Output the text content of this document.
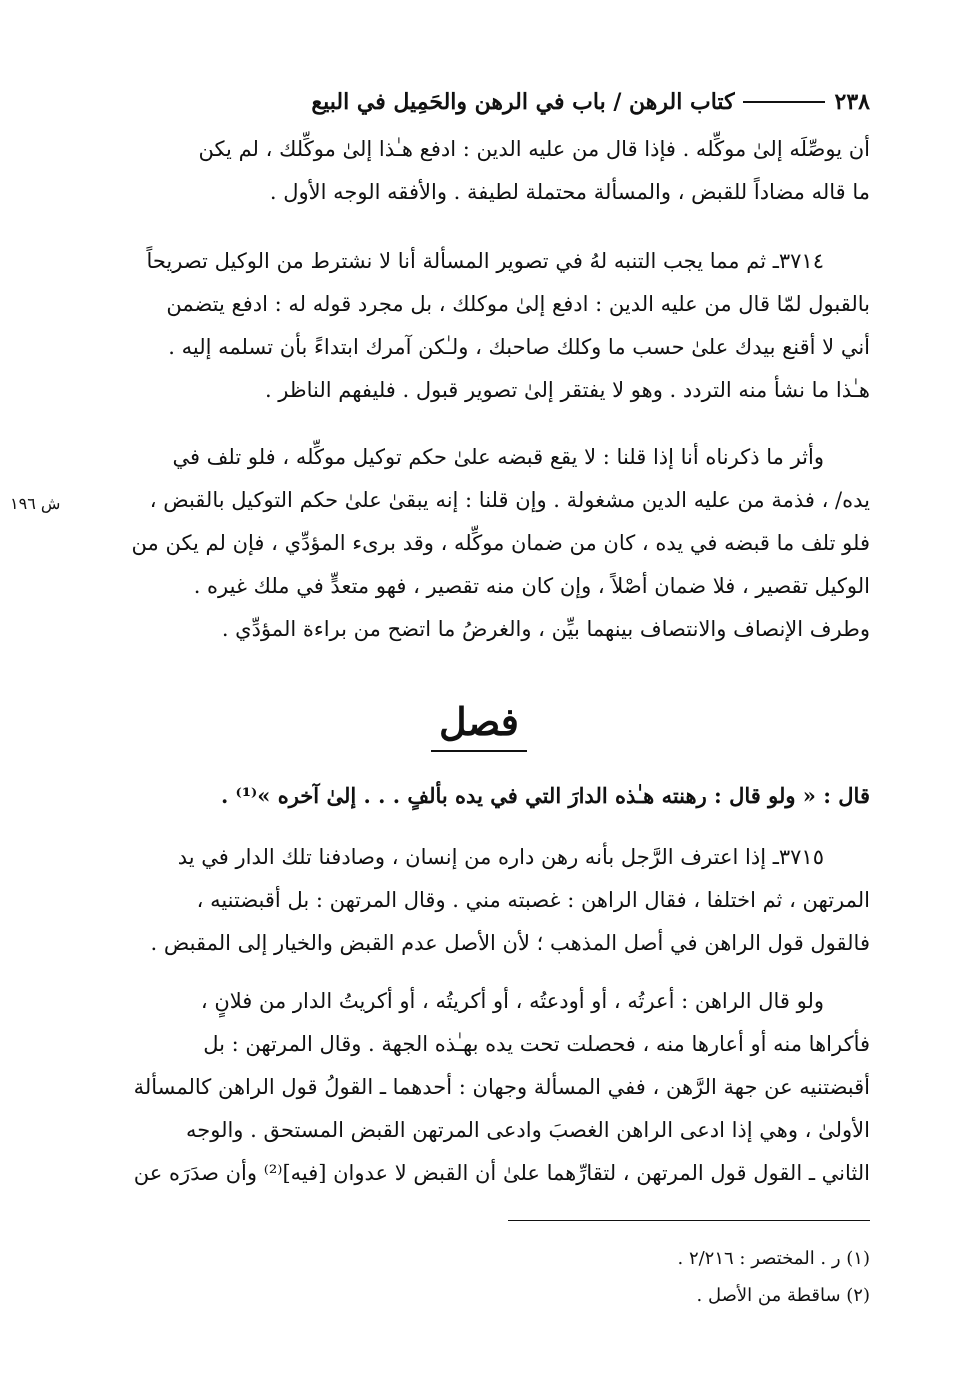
٢٣٨
كتاب الرهن / باب في الرهن والحَمِيل في البيع

أن يوصِّلَه إلىٰ موكِّله . فإذا قال من عليه الدين : ادفع هـٰذا إلىٰ موكِّلك ، لم يكن

ما قاله مضاداً للقبض ، والمسألة محتملة لطيفة . والأفقه الوجه الأول .

٣٧١٤ـ ثم مما يجب التنبه لهُ في تصوير المسألة أنا لا نشترط من الوكيل تصريحاً

بالقبول لمّا قال من عليه الدين : ادفع إلىٰ موكلك ، بل مجرد قوله له : ادفع يتضمن

أني لا أقنع بيدك علىٰ حسب ما وكلك صاحبك ، ولـٰكن آمرك ابتداءً بأن تسلمه إليه .

هـٰذا ما نشأ منه التردد . وهو لا يفتقر إلىٰ تصوير قبول . فليفهم الناظر .

وأثر ما ذكرناه أنا إذا قلنا : لا يقع قبضه علىٰ حكم توكيل موكِّله ، فلو تلف في

يده/ ، فذمة من عليه الدين مشغولة . وإن قلنا : إنه يبقىٰ علىٰ حكم التوكيل بالقبض ،

فلو تلف ما قبضه في يده ، كان من ضمان موكِّله ، وقد برىء المؤدِّي ، فإن لم يكن من

الوكيل تقصير ، فلا ضمان أصْلاً ، وإن كان منه تقصير ، فهو متعدٍّ في ملك غيره .

وطرف الإنصاف والانتصاف بينهما بيِّن ، والغرضُ ما اتضح من براءة المؤدِّي .

ش ١٩٦
فصل

قال : « ولو قال : رهنته هـٰذه الدارَ التي في يده بألفٍ . . . إلىٰ آخره »⁽¹⁾ .

٣٧١٥ـ إذا اعترف الرَّجل بأنه رهن داره من إنسان ، وصادفنا تلك الدار في يد

المرتهن ، ثم اختلفا ، فقال الراهن : غصبته مني . وقال المرتهن : بل أقبضتنيه ،

فالقول قول الراهن في أصل المذهب ؛ لأن الأصل عدم القبض والخيار إلى المقبض .

ولو قال الراهن : أعرتُه ، أو أودعتُه ، أو أكريتُه ، أو أكريتُ الدار من فلانٍ ،

فأكراها منه أو أعارها منه ، فحصلت تحت يده بهـٰذه الجهة . وقال المرتهن : بل

أقبضتنيه عن جهة الرَّهن ، ففي المسألة وجهان : أحدهما ـ القولُ قول الراهن كالمسألة

الأولىٰ ، وهي إذا ادعى الراهن الغصبَ وادعى المرتهن القبض المستحق . والوجه

الثاني ـ القول قول المرتهن ، لتقارِّهما علىٰ أن القبض لا عدوان [فيه]⁽²⁾ وأن صدَرَه عن

(١) ر . المختصر : ٢/٢١٦ .

(٢) ساقطة من الأصل .
